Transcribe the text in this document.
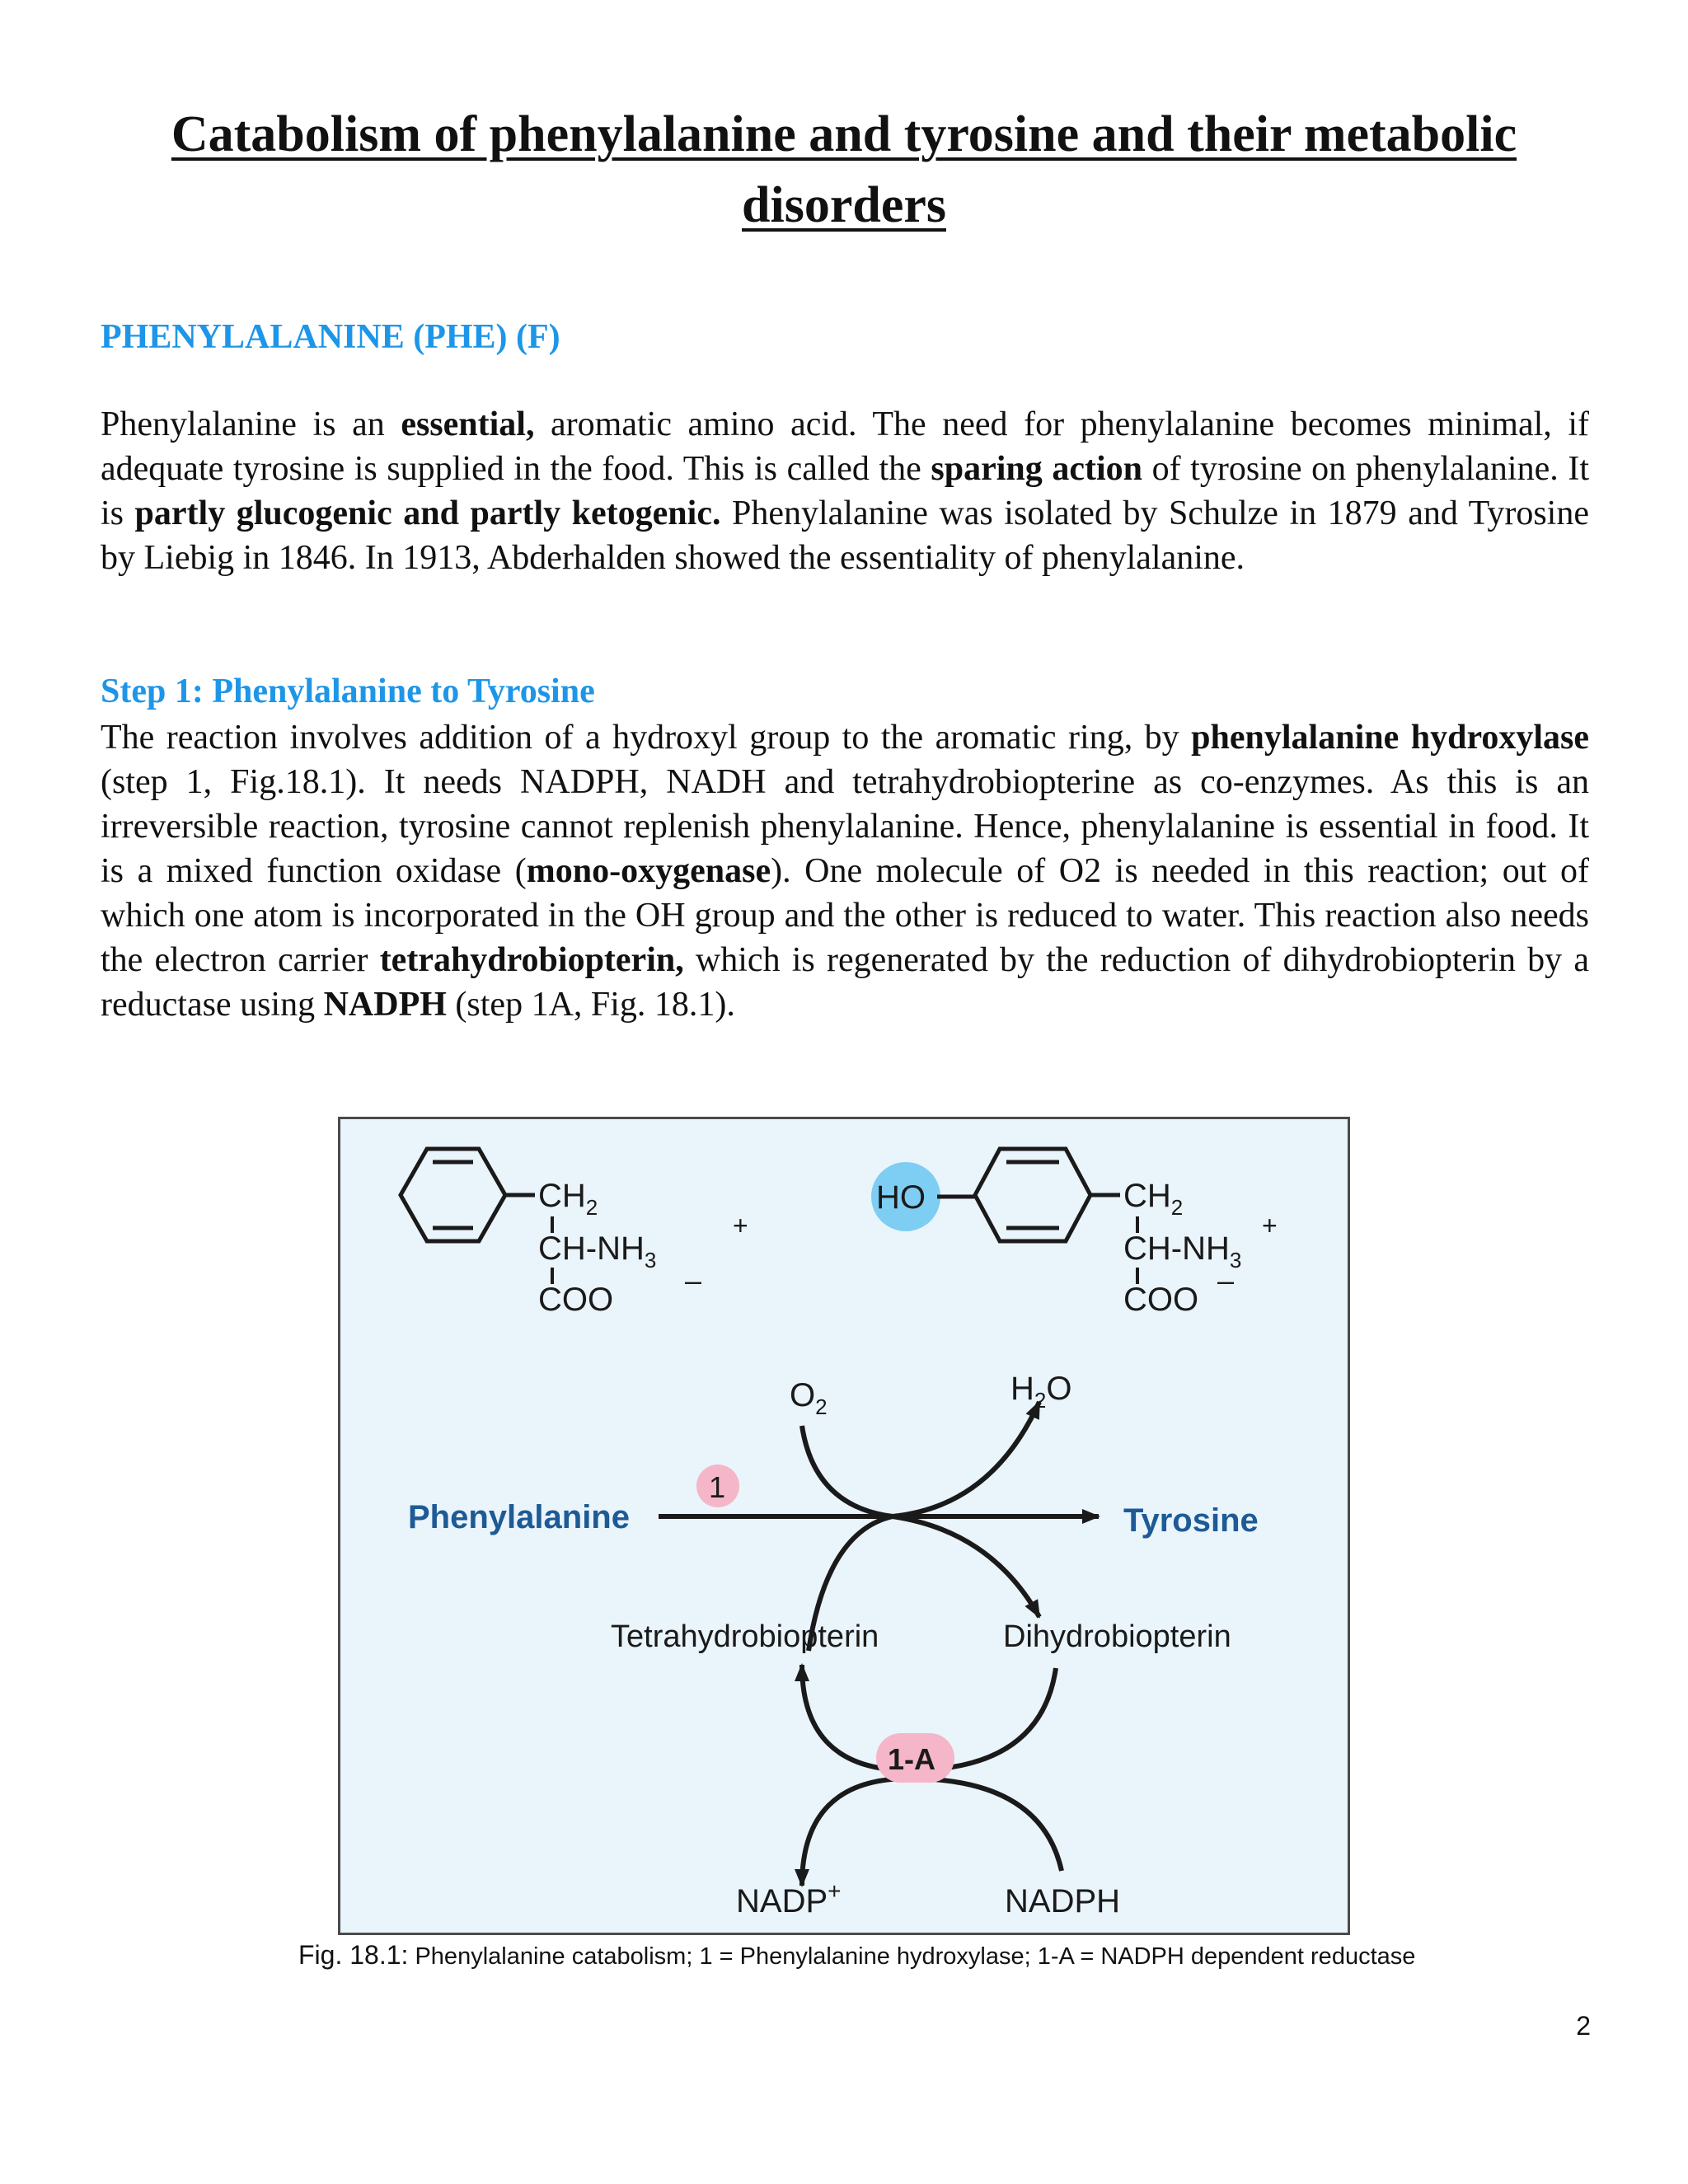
Catabolism of phenylalanine and tyrosine and their metabolic disorders
PHENYLALANINE (PHE) (F)
Phenylalanine is an essential, aromatic amino acid. The need for phenylalanine becomes minimal, if adequate tyrosine is supplied in the food. This is called the sparing action of tyrosine on phenylalanine. It is partly glucogenic and partly ketogenic. Phenylalanine was isolated by Schulze in 1879 and Tyrosine by Liebig in 1846. In 1913, Abderhalden showed the essentiality of phenylalanine.
Step 1: Phenylalanine to Tyrosine
The reaction involves addition of a hydroxyl group to the aromatic ring, by phenylalanine hydroxylase (step 1, Fig.18.1). It needs NADPH, NADH and tetrahydrobiopterine as co-enzymes. As this is an irreversible reaction, tyrosine cannot replenish phenylalanine. Hence, phenylalanine is essential in food. It is a mixed function oxidase (mono-oxygenase). One molecule of O2 is needed in this reaction; out of which one atom is incorporated in the OH group and the other is reduced to water. This reaction also needs the electron carrier tetrahydrobiopterin, which is regenerated by the reduction of dihydrobiopterin by a reductase using NADPH (step 1A, Fig. 18.1).
$CH_2$
$CH-NH_3$
+
COO
–
HO	$CH_2$
$CH-NH_3$
+
COO
–
$O_2$	$H_2O$
Phenylalanine	Tyrosine
1
Tetrahydrobiopterin	Dihydrobiopterin
1-A
NADP+	NADPH
Fig. 18.1: Phenylalanine catabolism; 1 = Phenylalanine hydroxylase; 1-A = NADPH dependent reductase
2
